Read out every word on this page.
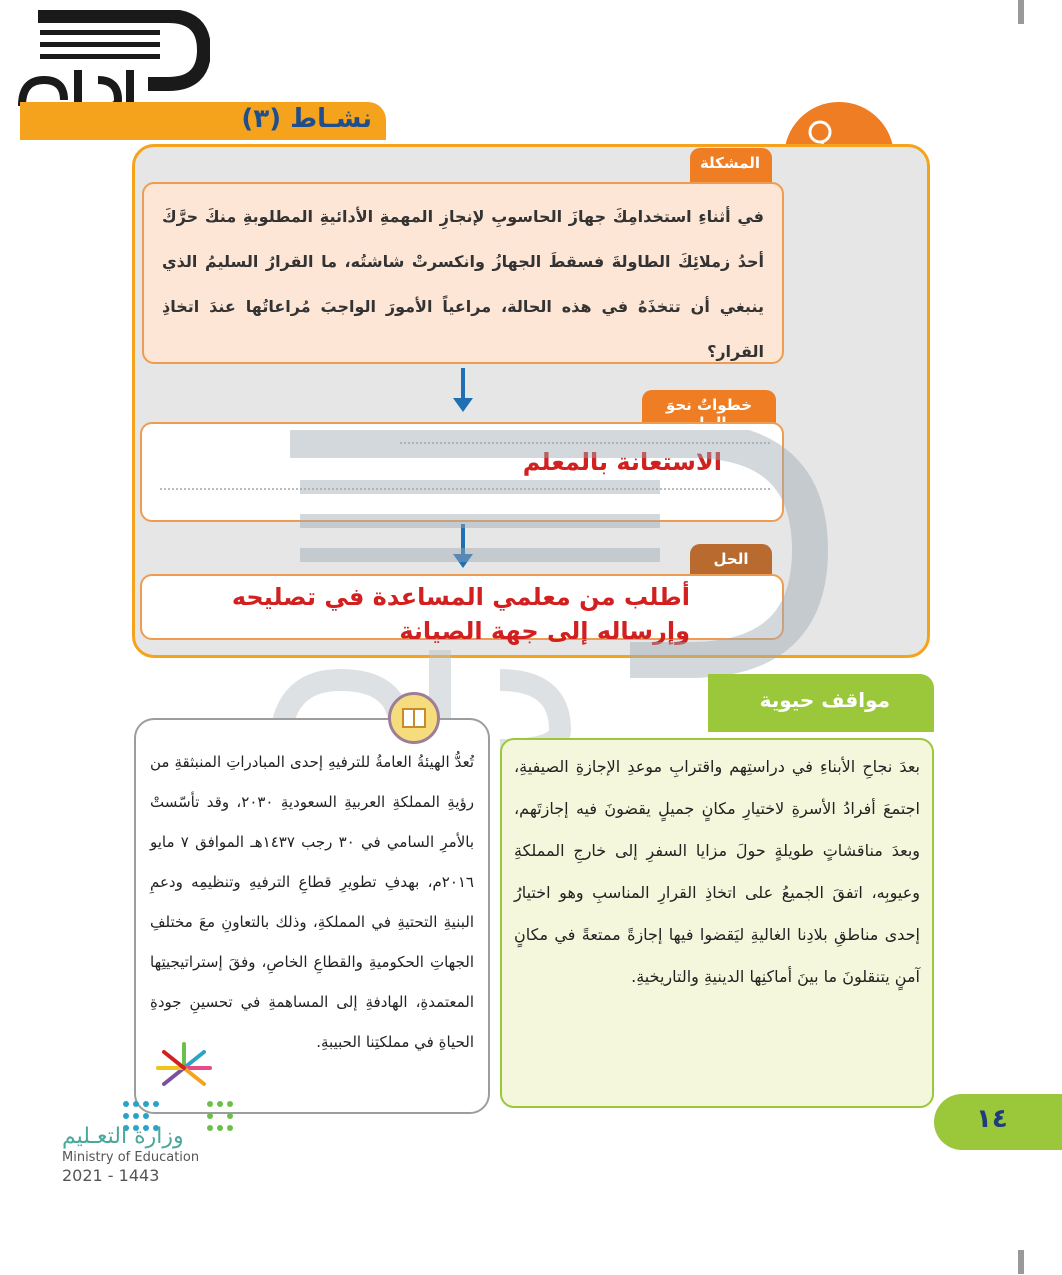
نشـاط (٣)
المشكلة
في أثناءِ استخدامِكَ جهازَ الحاسوبِ لإنجازِ المهمةِ الأدائيةِ المطلوبةِ منكَ حرَّكَ أحدُ زملائِكَ الطاولةَ فسقطَ الجهازُ وانكسرتْ شاشتُه، ما القرارُ السليمُ الذي ينبغي أن تتخذَهُ في هذه الحالة، مراعياً الأمورَ الواجبَ مُراعاتُها عندَ اتخاذِ القرار؟
خطواتٌ نحوَ
الاستعانة بالمعلم
الحل
أطلب من معلمي المساعدة في تصليحه وإرساله إلى جهة الصيانة
مواقف حيوية
بعدَ نجاحِ الأبناءِ في دراستِهم واقترابِ موعدِ الإجازةِ الصيفيةِ، اجتمعَ أفرادُ الأسرةِ لاختيارِ مكانٍ جميلٍ يقضونَ فيه إجازتَهم، وبعدَ مناقشاتٍ طويلةٍ حولَ مزايا السفرِ إلى خارجِ المملكةِ وعيوبِه، اتفقَ الجميعُ على اتخاذِ القرارِ المناسبِ وهو اختيارُ إحدى مناطقِ بلادِنا الغاليةِ ليَقضوا فيها إجازةً ممتعةً في مكانٍ آمنٍ يتنقلونَ ما بينَ أماكنِها الدينيةِ والتاريخيةِ.
تُعدُّ الهيئةُ العامةُ للترفيهِ إحدى المبادراتِ المنبثقةِ من رؤيةِ المملكةِ العربيةِ السعوديةِ ٢٠٣٠، وقد تأسّستْ بالأمرِ السامي في ٣٠ رجب ١٤٣٧هـ الموافق ٧ مايو ٢٠١٦م، بهدفِ تطويرِ قطاعِ الترفيهِ وتنظيمِه ودعمِ البنيةِ التحتيةِ في المملكةِ، وذلك بالتعاونِ معَ مختلفِ الجهاتِ الحكوميةِ والقطاعِ الخاصِ، وفقَ إستراتيجيتِها المعتمدةِ، الهادفةِ إلى المساهمةِ في تحسينِ جودةِ الحياةِ في مملكتِنا الحبيبةِ.
١٤
وزارة التعـليم
Ministry of Education
2021 - 1443
